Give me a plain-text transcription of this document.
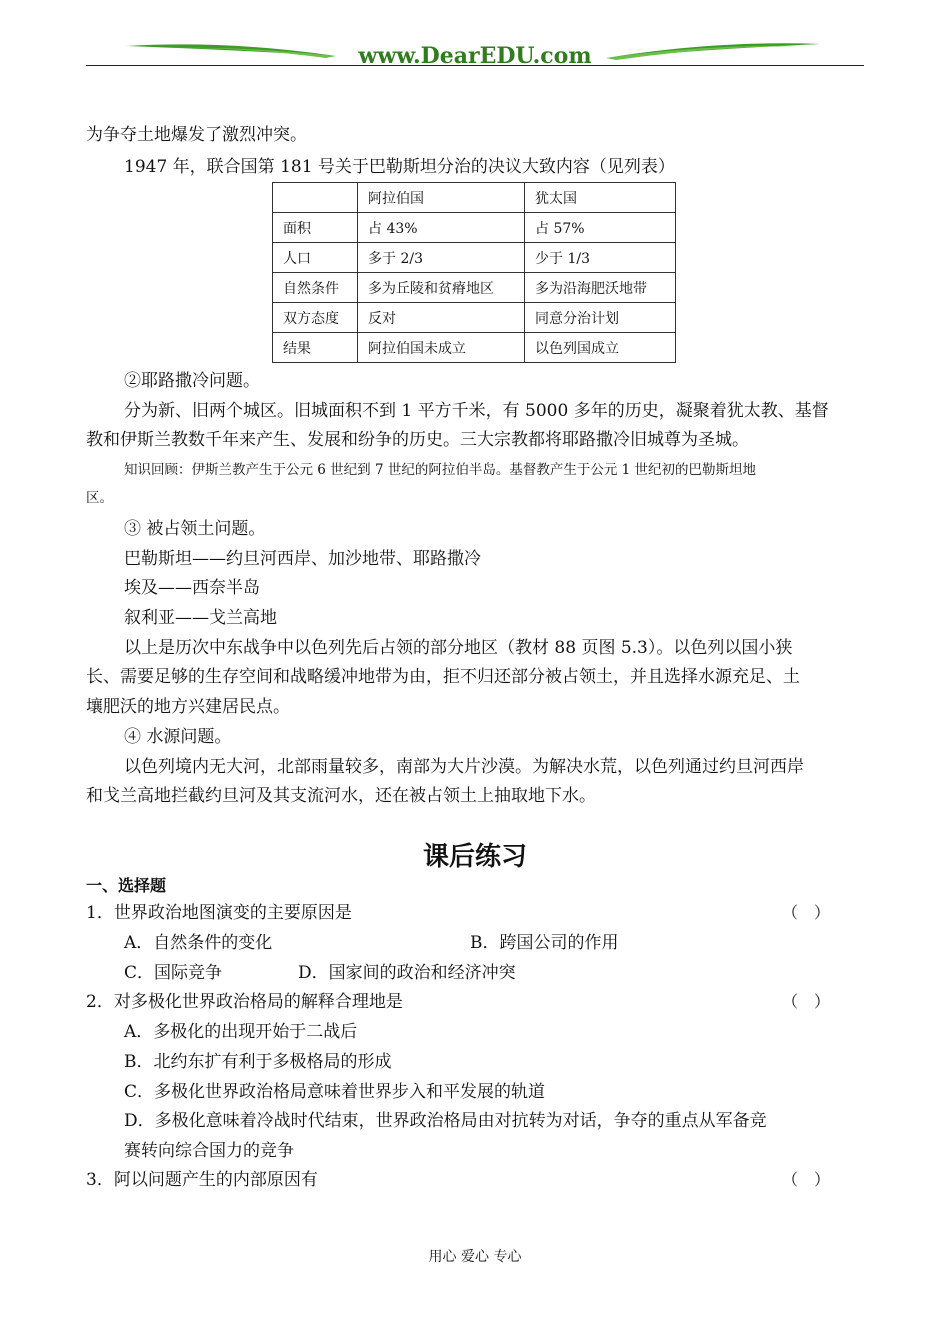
www.DearEDU.com
为争夺土地爆发了激烈冲突。
1947 年，联合国第 181 号关于巴勒斯坦分治的决议大致内容（见列表）
	阿拉伯国	犹太国
面积	占 43%	占 57%
人口	多于 2/3	少于 1/3
自然条件	多为丘陵和贫瘠地区	多为沿海肥沃地带
双方态度	反对	同意分治计划
结果	阿拉伯国未成立	以色列国成立
②耶路撒冷问题。
分为新、旧两个城区。旧城面积不到 1 平方千米，有 5000 多年的历史，凝聚着犹太教、基督
教和伊斯兰教数千年来产生、发展和纷争的历史。三大宗教都将耶路撒冷旧城尊为圣城。
知识回顾：伊斯兰教产生于公元 6 世纪到 7 世纪的阿拉伯半岛。基督教产生于公元 1 世纪初的巴勒斯坦地
区。
③ 被占领土问题。
巴勒斯坦——约旦河西岸、加沙地带、耶路撒冷
埃及——西奈半岛
叙利亚——戈兰高地
以上是历次中东战争中以色列先后占领的部分地区（教材 88 页图 5.3）。以色列以国小狭
长、需要足够的生存空间和战略缓冲地带为由，拒不归还部分被占领土，并且选择水源充足、土
壤肥沃的地方兴建居民点。
④ 水源问题。
以色列境内无大河，北部雨量较多，南部为大片沙漠。为解决水荒，以色列通过约旦河西岸
和戈兰高地拦截约旦河及其支流河水，还在被占领土上抽取地下水。
课后练习
一、选择题
1．世界政治地图演变的主要原因是	（　）
A．自然条件的变化	B．跨国公司的作用
C．国际竞争	D．国家间的政治和经济冲突
2．对多极化世界政治格局的解释合理地是	（　）
A．多极化的出现开始于二战后
B．北约东扩有利于多极格局的形成
C．多极化世界政治格局意味着世界步入和平发展的轨道
D．多极化意味着冷战时代结束，世界政治格局由对抗转为对话，争夺的重点从军备竞
赛转向综合国力的竞争
3．阿以问题产生的内部原因有	（　）
用心 爱心 专心
